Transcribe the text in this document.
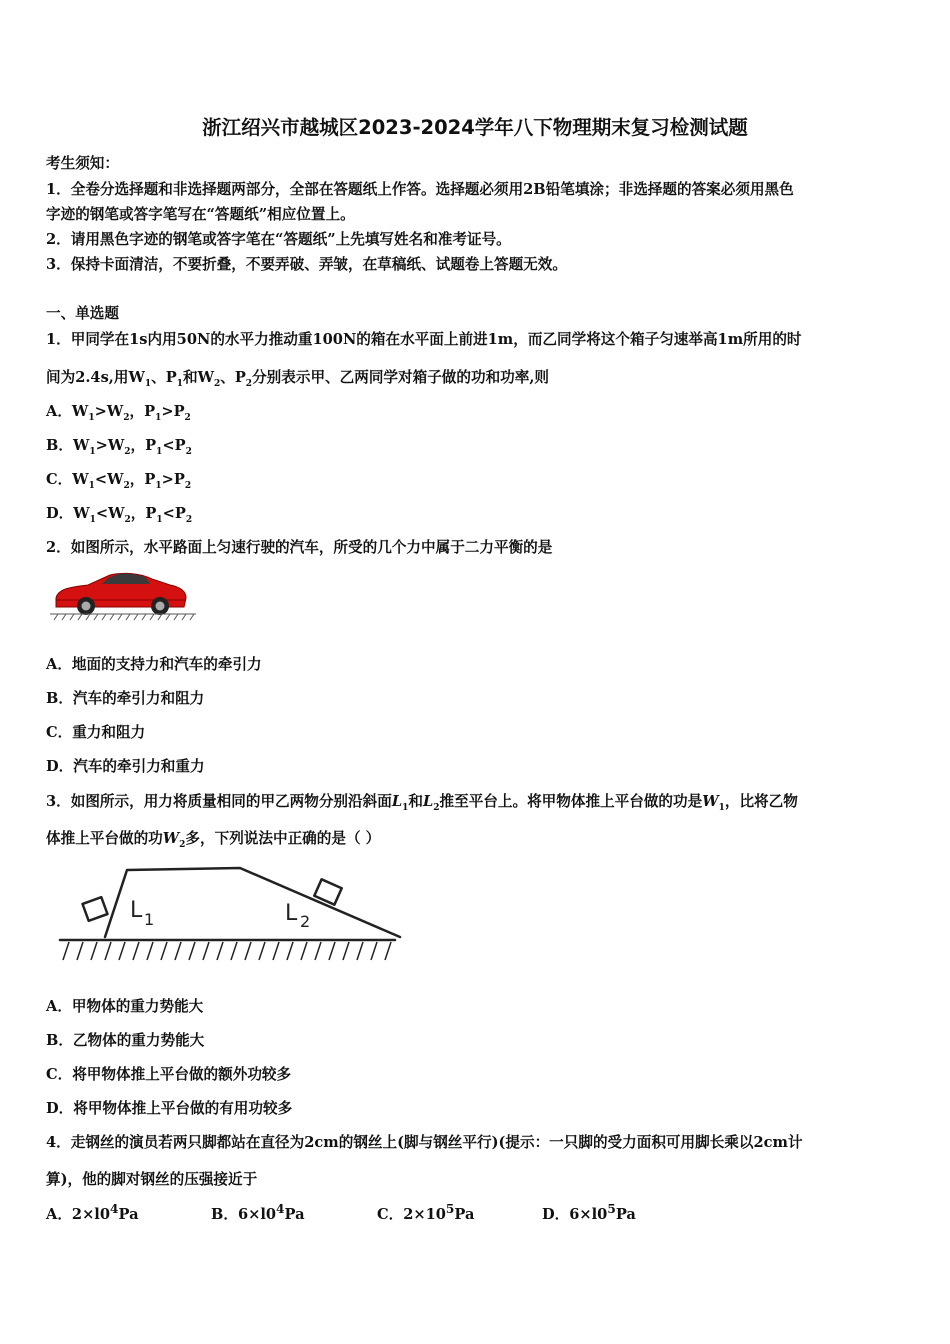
浙江绍兴市越城区2023-2024学年八下物理期末复习检测试题
考生须知：
1．全卷分选择题和非选择题两部分，全部在答题纸上作答。选择题必须用2B铅笔填涂；非选择题的答案必须用黑色
字迹的钢笔或答字笔写在“答题纸”相应位置上。
2．请用黑色字迹的钢笔或答字笔在“答题纸”上先填写姓名和准考证号。
3．保持卡面清洁，不要折叠，不要弄破、弄皱，在草稿纸、试题卷上答题无效。
一、单选题
1．甲同学在1s内用50N的水平力推动重100N的箱在水平面上前进1m，而乙同学将这个箱子匀速举高1m所用的时
间为2.4s,用$W_1$、$P_1$和$W_2$、$P_2$分别表示甲、乙两同学对箱子做的功和功率,则
A．$W_1>W_2$，$P_1>P_2$
B．$W_1>W_2$，$P_1<P_2$
C．$W_1<W_2$，$P_1>P_2$
D．$W_1<W_2$，$P_1<P_2$
2．如图所示，水平路面上匀速行驶的汽车，所受的几个力中属于二力平衡的是
A．地面的支持力和汽车的牵引力
B．汽车的牵引力和阻力
C．重力和阻力
D．汽车的牵引力和重力
3．如图所示，用力将质量相同的甲乙两物分别沿斜面$L_1$和$L_2$推至平台上。将甲物体推上平台做的功是$W_1$，比将乙物
体推上平台做的功$W_2$多，下列说法中正确的是（ ）
L 1	L 2
A．甲物体的重力势能大
B．乙物体的重力势能大
C．将甲物体推上平台做的额外功较多
D．将甲物体推上平台做的有用功较多
4．走钢丝的演员若两只脚都站在直径为2cm的钢丝上(脚与钢丝平行)(提示：一只脚的受力面积可用脚长乘以2cm计
算)，他的脚对钢丝的压强接近于
A．$2\times l0^4Pa$	B．$6\times l0^4Pa$	C．$2\times 10^5Pa$	D．$6\times l0^5Pa$
